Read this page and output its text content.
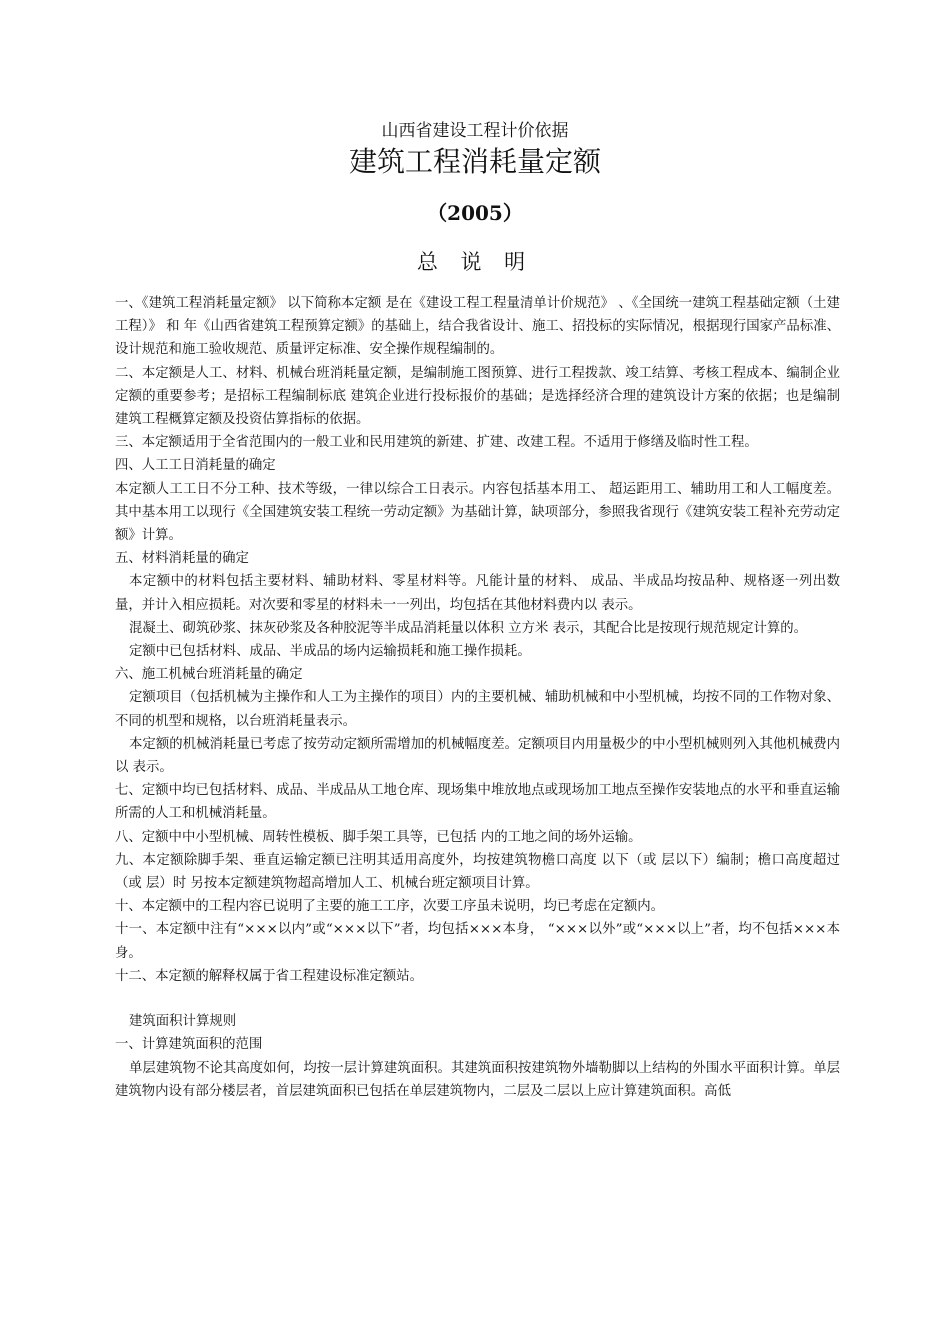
山西省建设工程计价依据
建筑工程消耗量定额
（2005）
总 说 明

一、《建筑工程消耗量定额》 以下简称本定额 是在《建设工程工程量清单计价规范》 、《全国统一建筑工程基础定额（土建工程）》 和 年《山西省建筑工程预算定额》的基础上，结合我省设计、施工、招投标的实际情况，根据现行国家产品标准、设计规范和施工验收规范、质量评定标准、安全操作规程编制的。

二、本定额是人工、材料、机械台班消耗量定额，是编制施工图预算、进行工程拨款、竣工结算、考核工程成本、编制企业定额的重要参考；是招标工程编制标底 建筑企业进行投标报价的基础；是选择经济合理的建筑设计方案的依据；也是编制建筑工程概算定额及投资估算指标的依据。

三、本定额适用于全省范围内的一般工业和民用建筑的新建、扩建、改建工程。不适用于修缮及临时性工程。

四、人工工日消耗量的确定

本定额人工工日不分工种、技术等级，一律以综合工日表示。内容包括基本用工、 超运距用工、辅助用工和人工幅度差。其中基本用工以现行《全国建筑安装工程统一劳动定额》为基础计算，缺项部分，参照我省现行《建筑安装工程补充劳动定额》计算。

五、材料消耗量的确定

本定额中的材料包括主要材料、辅助材料、零星材料等。凡能计量的材料、 成品、半成品均按品种、规格逐一列出数量，并计入相应损耗。对次要和零星的材料未一一列出，均包括在其他材料费内以 表示。

混凝土、砌筑砂浆、抹灰砂浆及各种胶泥等半成品消耗量以体积 立方米 表示，其配合比是按现行规范规定计算的。

定额中已包括材料、成品、半成品的场内运输损耗和施工操作损耗。

六、施工机械台班消耗量的确定

定额项目（包括机械为主操作和人工为主操作的项目）内的主要机械、辅助机械和中小型机械，均按不同的工作物对象、不同的机型和规格，以台班消耗量表示。

本定额的机械消耗量已考虑了按劳动定额所需增加的机械幅度差。定额项目内用量极少的中小型机械则列入其他机械费内以 表示。

七、定额中均已包括材料、成品、半成品从工地仓库、现场集中堆放地点或现场加工地点至操作安装地点的水平和垂直运输所需的人工和机械消耗量。

八、定额中中小型机械、周转性模板、脚手架工具等，已包括 内的工地之间的场外运输。

九、本定额除脚手架、垂直运输定额已注明其适用高度外，均按建筑物檐口高度 以下（或 层以下）编制；檐口高度超过 （或 层）时 另按本定额建筑物超高增加人工、机械台班定额项目计算。

十、本定额中的工程内容已说明了主要的施工工序，次要工序虽未说明，均已考虑在定额内。

十一、本定额中注有“×××以内”或“×××以下”者，均包括×××本身， “×××以外”或“×××以上”者，均不包括×××本身。

十二、本定额的解释权属于省工程建设标准定额站。

建筑面积计算规则

一、计算建筑面积的范围

单层建筑物不论其高度如何，均按一层计算建筑面积。其建筑面积按建筑物外墙勒脚以上结构的外围水平面积计算。单层建筑物内设有部分楼层者，首层建筑面积已包括在单层建筑物内，二层及二层以上应计算建筑面积。高低
